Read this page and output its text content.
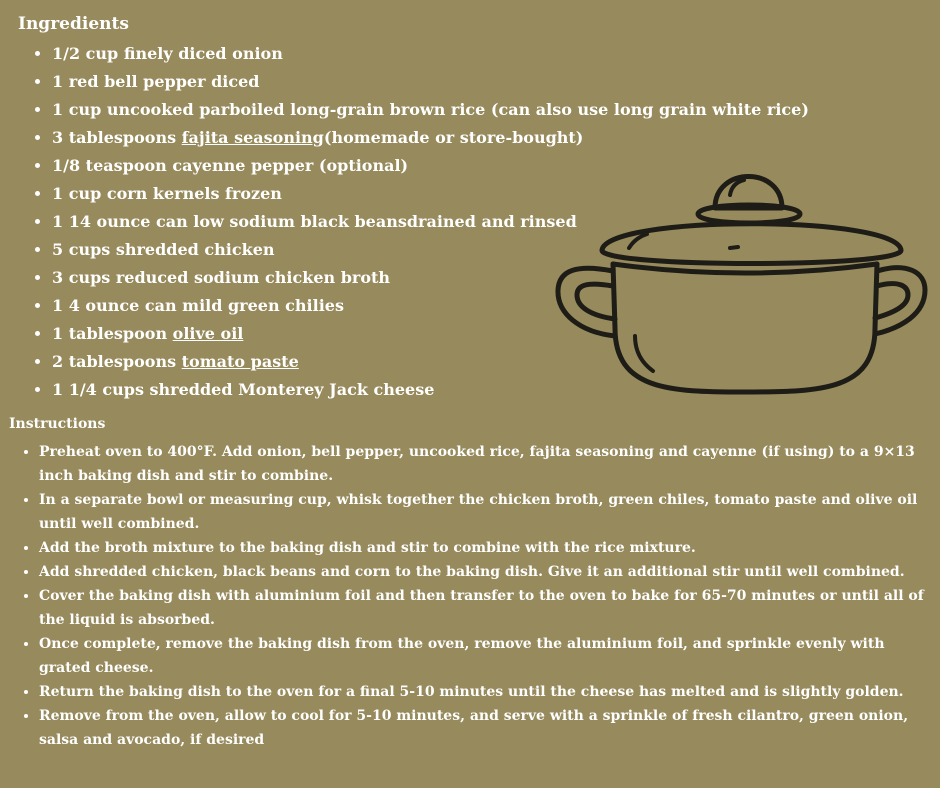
Ingredients
• 1/2 cup finely diced onion
• 1 red bell pepper diced
• 1 cup uncooked parboiled long-grain brown rice (can also use long grain white rice)
• 3 tablespoons fajita seasoning(homemade or store-bought)
• 1/8 teaspoon cayenne pepper (optional)
• 1 cup corn kernels frozen
• 1 14 ounce can low sodium black beansdrained and rinsed
• 5 cups shredded chicken
• 3 cups reduced sodium chicken broth
• 1 4 ounce can mild green chilies
• 1 tablespoon olive oil
• 2 tablespoons tomato paste
• 1 1/4 cups shredded Monterey Jack cheese
Instructions
• Preheat oven to 400°F. Add onion, bell pepper, uncooked rice, fajita seasoning and cayenne (if using) to a 9×13 inch baking dish and stir to combine.
• In a separate bowl or measuring cup, whisk together the chicken broth, green chiles, tomato paste and olive oil until well combined.
• Add the broth mixture to the baking dish and stir to combine with the rice mixture.
• Add shredded chicken, black beans and corn to the baking dish. Give it an additional stir until well combined.
• Cover the baking dish with aluminium foil and then transfer to the oven to bake for 65-70 minutes or until all of the liquid is absorbed.
• Once complete, remove the baking dish from the oven, remove the aluminium foil, and sprinkle evenly with grated cheese.
• Return the baking dish to the oven for a final 5-10 minutes until the cheese has melted and is slightly golden.
• Remove from the oven, allow to cool for 5-10 minutes, and serve with a sprinkle of fresh cilantro, green onion, salsa and avocado, if desired
